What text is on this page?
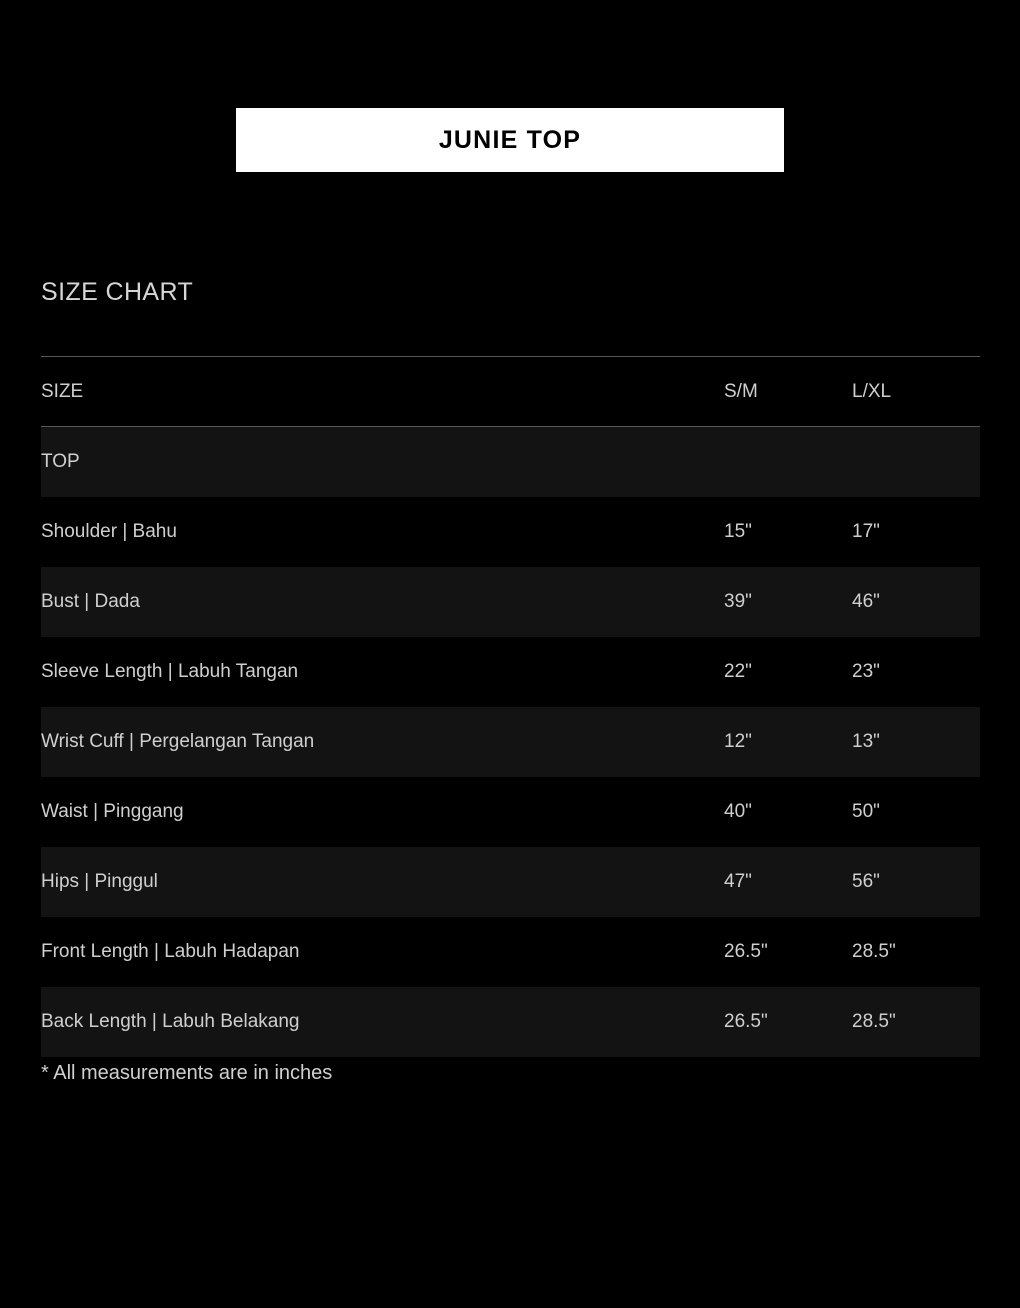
JUNIE TOP
SIZE CHART
SIZE	S/M	L/XL
TOP		
Shoulder | Bahu	15"	17"
Bust | Dada	39"	46"
Sleeve Length | Labuh Tangan	22"	23"
Wrist Cuff | Pergelangan Tangan	12"	13"
Waist | Pinggang	40"	50"
Hips | Pinggul	47"	56"
Front Length | Labuh Hadapan	26.5"	28.5"
Back Length | Labuh Belakang	26.5"	28.5"
* All measurements are in inches
